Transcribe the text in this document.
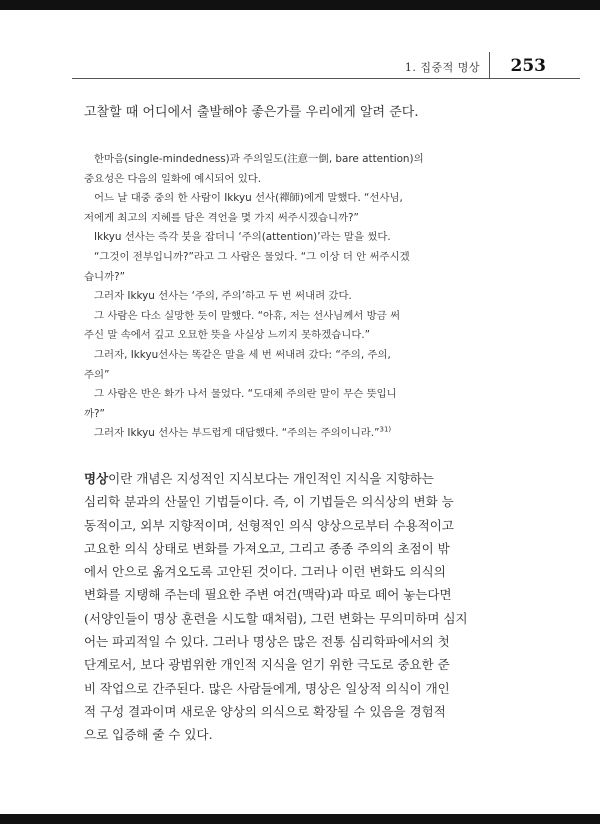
1. 집중적 명상 253

고찰할 때 어디에서 출발해야 좋은가를 우리에게 알려 준다.

한마음(single-mindedness)과 주의일도(注意一倒, bare attention)의

중요성은 다음의 일화에 예시되어 있다.

어느 날 대중 중의 한 사람이 Ikkyu 선사(禪師)에게 말했다. “선사님,

저에게 최고의 지혜를 담은 격언을 몇 가지 써주시겠습니까?”

Ikkyu 선사는 즉각 붓을 잡더니 ‘주의(attention)’라는 말을 썼다.

“그것이 전부입니까?”라고 그 사람은 물었다. “그 이상 더 안 써주시겠

습니까?”

그러자 Ikkyu 선사는 ‘주의, 주의’하고 두 번 써내려 갔다.

그 사람은 다소 실망한 듯이 말했다. “아휴, 저는 선사님께서 방금 써

주신 말 속에서 깊고 오묘한 뜻을 사실상 느끼지 못하겠습니다.”

그러자, Ikkyu선사는 똑같은 말을 세 번 써내려 갔다: “주의, 주의,

주의”

그 사람은 반은 화가 나서 물었다. “도대체 주의란 말이 무슨 뜻입니

까?”

그러자 Ikkyu 선사는 부드럽게 대답했다. “주의는 주의이니라.”$^{31)}$

명상이란 개념은 지성적인 지식보다는 개인적인 지식을 지향하는

심리학 분과의 산물인 기법들이다. 즉, 이 기법들은 의식상의 변화 능

동적이고, 외부 지향적이며, 선형적인 의식 양상으로부터 수용적이고

고요한 의식 상태로 변화를 가져오고, 그리고 종종 주의의 초점이 밖

에서 안으로 옮겨오도록 고안된 것이다. 그러나 이런 변화도 의식의

변화를 지탱해 주는데 필요한 주변 여건(맥락)과 따로 떼어 놓는다면

(서양인들이 명상 훈련을 시도할 때처럼), 그런 변화는 무의미하며 심지

어는 파괴적일 수 있다. 그러나 명상은 많은 전통 심리학파에서의 첫

단계로서, 보다 광범위한 개인적 지식을 얻기 위한 극도로 중요한 준

비 작업으로 간주된다. 많은 사람들에게, 명상은 일상적 의식이 개인

적 구성 결과이며 새로운 양상의 의식으로 확장될 수 있음을 경험적

으로 입증해 줄 수 있다.
